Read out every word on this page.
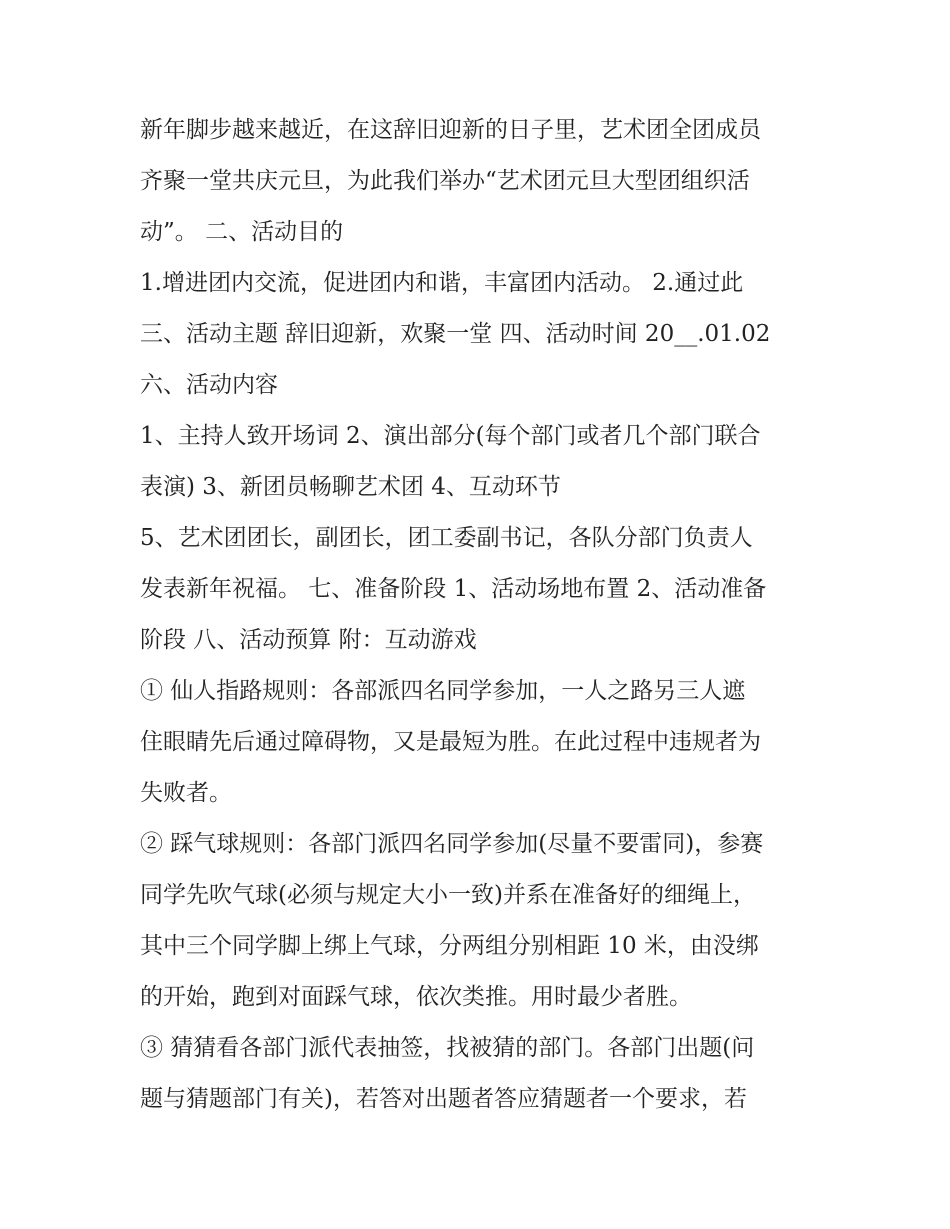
新年脚步越来越近，在这辞旧迎新的日子里，艺术团全团成员
齐聚一堂共庆元旦，为此我们举办“艺术团元旦大型团组织活
动”。 二、活动目的
1.增进团内交流，促进团内和谐，丰富团内活动。 2.通过此
三、活动主题 辞旧迎新，欢聚一堂 四、活动时间 20__.01.02
六、活动内容
1、主持人致开场词 2、演出部分(每个部门或者几个部门联合
表演) 3、新团员畅聊艺术团 4、互动环节
5、艺术团团长，副团长，团工委副书记，各队分部门负责人
发表新年祝福。 七、准备阶段 1、活动场地布置 2、活动准备
阶段 八、活动预算 附：互动游戏
① 仙人指路规则：各部派四名同学参加，一人之路另三人遮
住眼睛先后通过障碍物，又是最短为胜。在此过程中违规者为
失败者。
② 踩气球规则：各部门派四名同学参加(尽量不要雷同)，参赛
同学先吹气球(必须与规定大小一致)并系在准备好的细绳上，
其中三个同学脚上绑上气球，分两组分别相距 10 米，由没绑
的开始，跑到对面踩气球，依次类推。用时最少者胜。
③ 猜猜看各部门派代表抽签，找被猜的部门。各部门出题(问
题与猜题部门有关)，若答对出题者答应猜题者一个要求，若
